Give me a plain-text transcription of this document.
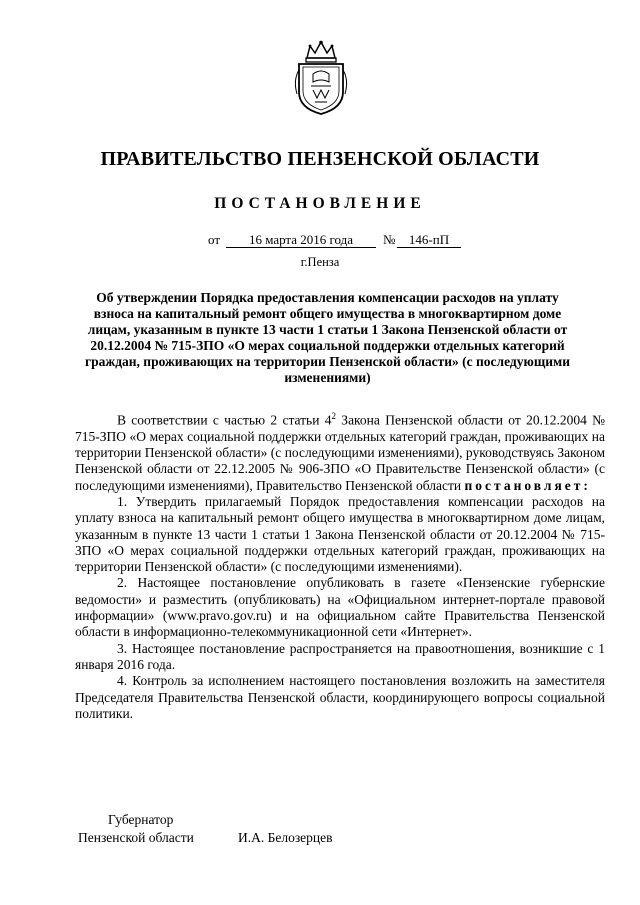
ПРАВИТЕЛЬСТВО ПЕНЗЕНСКОЙ ОБЛАСТИ
ПОСТАНОВЛЕНИЕ
от	16 марта 2016 года	№	146-пП
г.Пенза
Об утверждении Порядка предоставления компенсации расходов на уплату взноса на капитальный ремонт общего имущества в многоквартирном доме лицам, указанным в пункте 13 части 1 статьи 1 Закона Пензенской области от 20.12.2004 № 715-ЗПО «О мерах социальной поддержки отдельных категорий граждан, проживающих на территории Пензенской области» (с последующими изменениями)

В соответствии с частью 2 статьи $4^2$ Закона Пензенской области от 20.12.2004 № 715-ЗПО «О мерах социальной поддержки отдельных категорий граждан, проживающих на территории Пензенской области» (с последующими изменениями), руководствуясь Законом Пензенской области от 22.12.2005 № 906-ЗПО «О Правительстве Пензенской области» (с последующими изменениями), Правительство Пензенской области постановляет:

1. Утвердить прилагаемый Порядок предоставления компенсации расходов на уплату взноса на капитальный ремонт общего имущества в многоквартирном доме лицам, указанным в пункте 13 части 1 статьи 1 Закона Пензенской области от 20.12.2004 № 715-ЗПО «О мерах социальной поддержки отдельных категорий граждан, проживающих на территории Пензенской области» (с последующими изменениями).

2. Настоящее постановление опубликовать в газете «Пензенские губернские ведомости» и разместить (опубликовать) на «Официальном интернет-портале правовой информации» (www.pravo.gov.ru) и на официальном сайте Правительства Пензенской области в информационно-телекоммуникационной сети «Интернет».

3. Настоящее постановление распространяется на правоотношения, возникшие с 1 января 2016 года.

4. Контроль за исполнением настоящего постановления возложить на заместителя Председателя Правительства Пензенской области, координирующего вопросы социальной политики.

Губернатор
Пензенской области	И.А. Белозерцев
